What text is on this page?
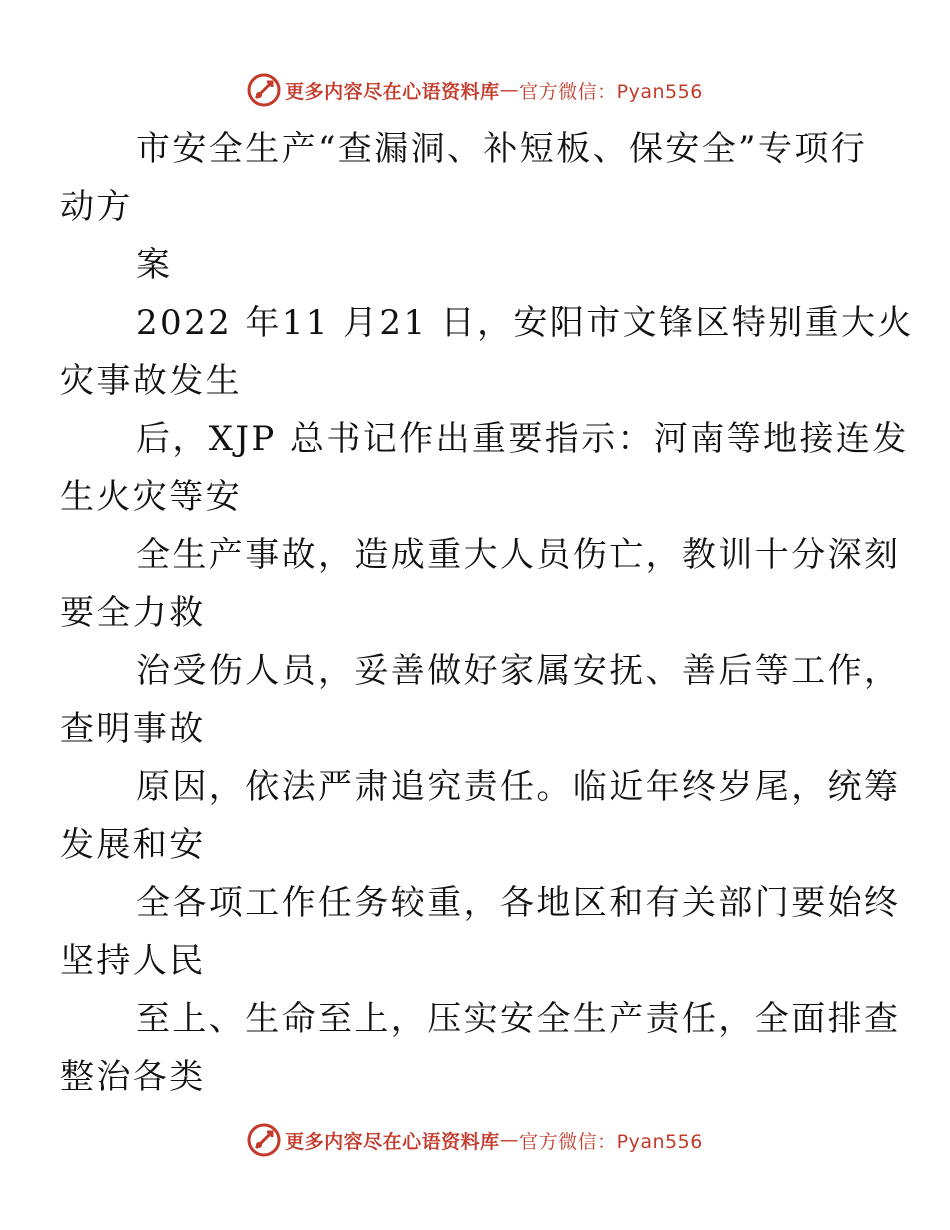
更多内容尽在心语资料库 — 官方微信：Pyan556

市安全生产“查漏洞、补短板、保安全”专项行
动方

案

2022 年11 月21 日，安阳市文锋区特别重大火
灾事故发生

后，XJP 总书记作出重要指示：河南等地接连发
生火灾等安

全生产事故，造成重大人员伤亡，教训十分深刻
要全力救

治受伤人员，妥善做好家属安抚、善后等工作，
查明事故

原因，依法严肃追究责任。临近年终岁尾，统筹
发展和安

全各项工作任务较重，各地区和有关部门要始终
坚持人民

至上、生命至上，压实安全生产责任，全面排查
整治各类

更多内容尽在心语资料库 — 官方微信：Pyan556
